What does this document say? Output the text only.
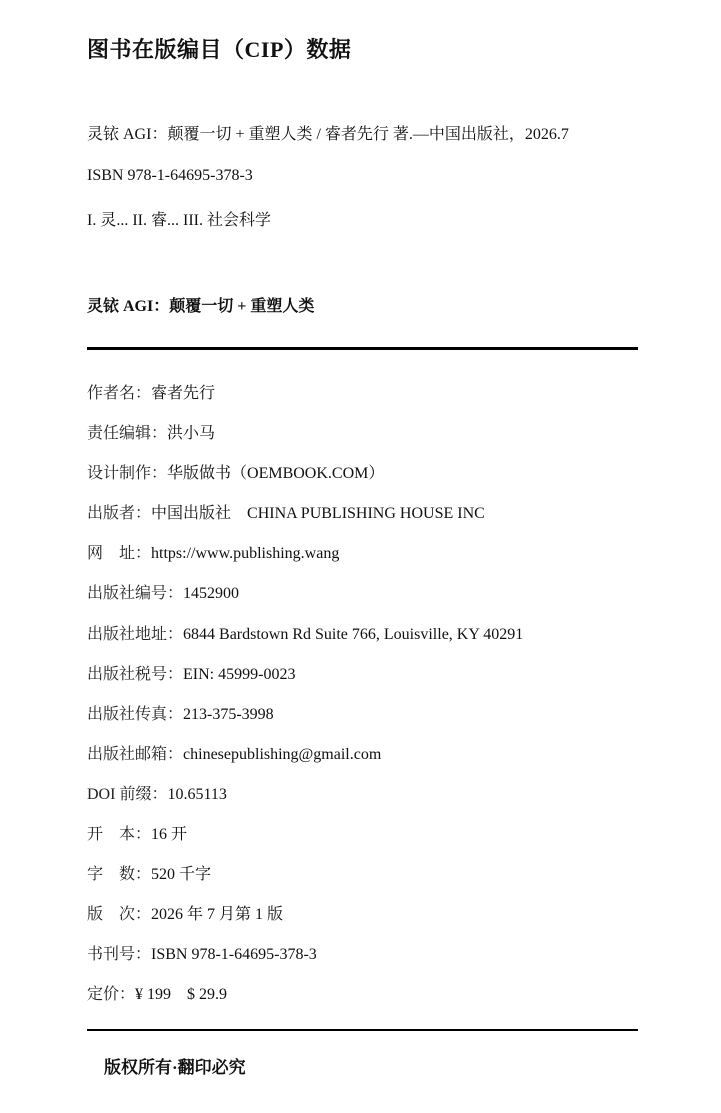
图书在版编目（CIP）数据
灵铱 AGI：颠覆一切 + 重塑人类 / 睿者先行 著.—中国出版社，2026.7
ISBN 978-1-64695-378-3
I. 灵... II. 睿... III. 社会科学
灵铱 AGI：颠覆一切 + 重塑人类
作者名：睿者先行
责任编辑：洪小马
设计制作：华版做书（OEMBOOK.COM）
出版者：中国出版社    CHINA PUBLISHING HOUSE INC
网    址：https://www.publishing.wang
出版社编号：1452900
出版社地址：6844 Bardstown Rd Suite 766, Louisville, KY 40291
出版社税号：EIN: 45999-0023
出版社传真：213-375-3998
出版社邮箱：chinesepublishing@gmail.com
DOI 前缀：10.65113
开    本：16 开
字    数：520 千字
版    次：2026 年 7 月第 1 版
书刊号：ISBN 978-1-64695-378-3
定价：¥ 199    $ 29.9
版权所有·翻印必究
